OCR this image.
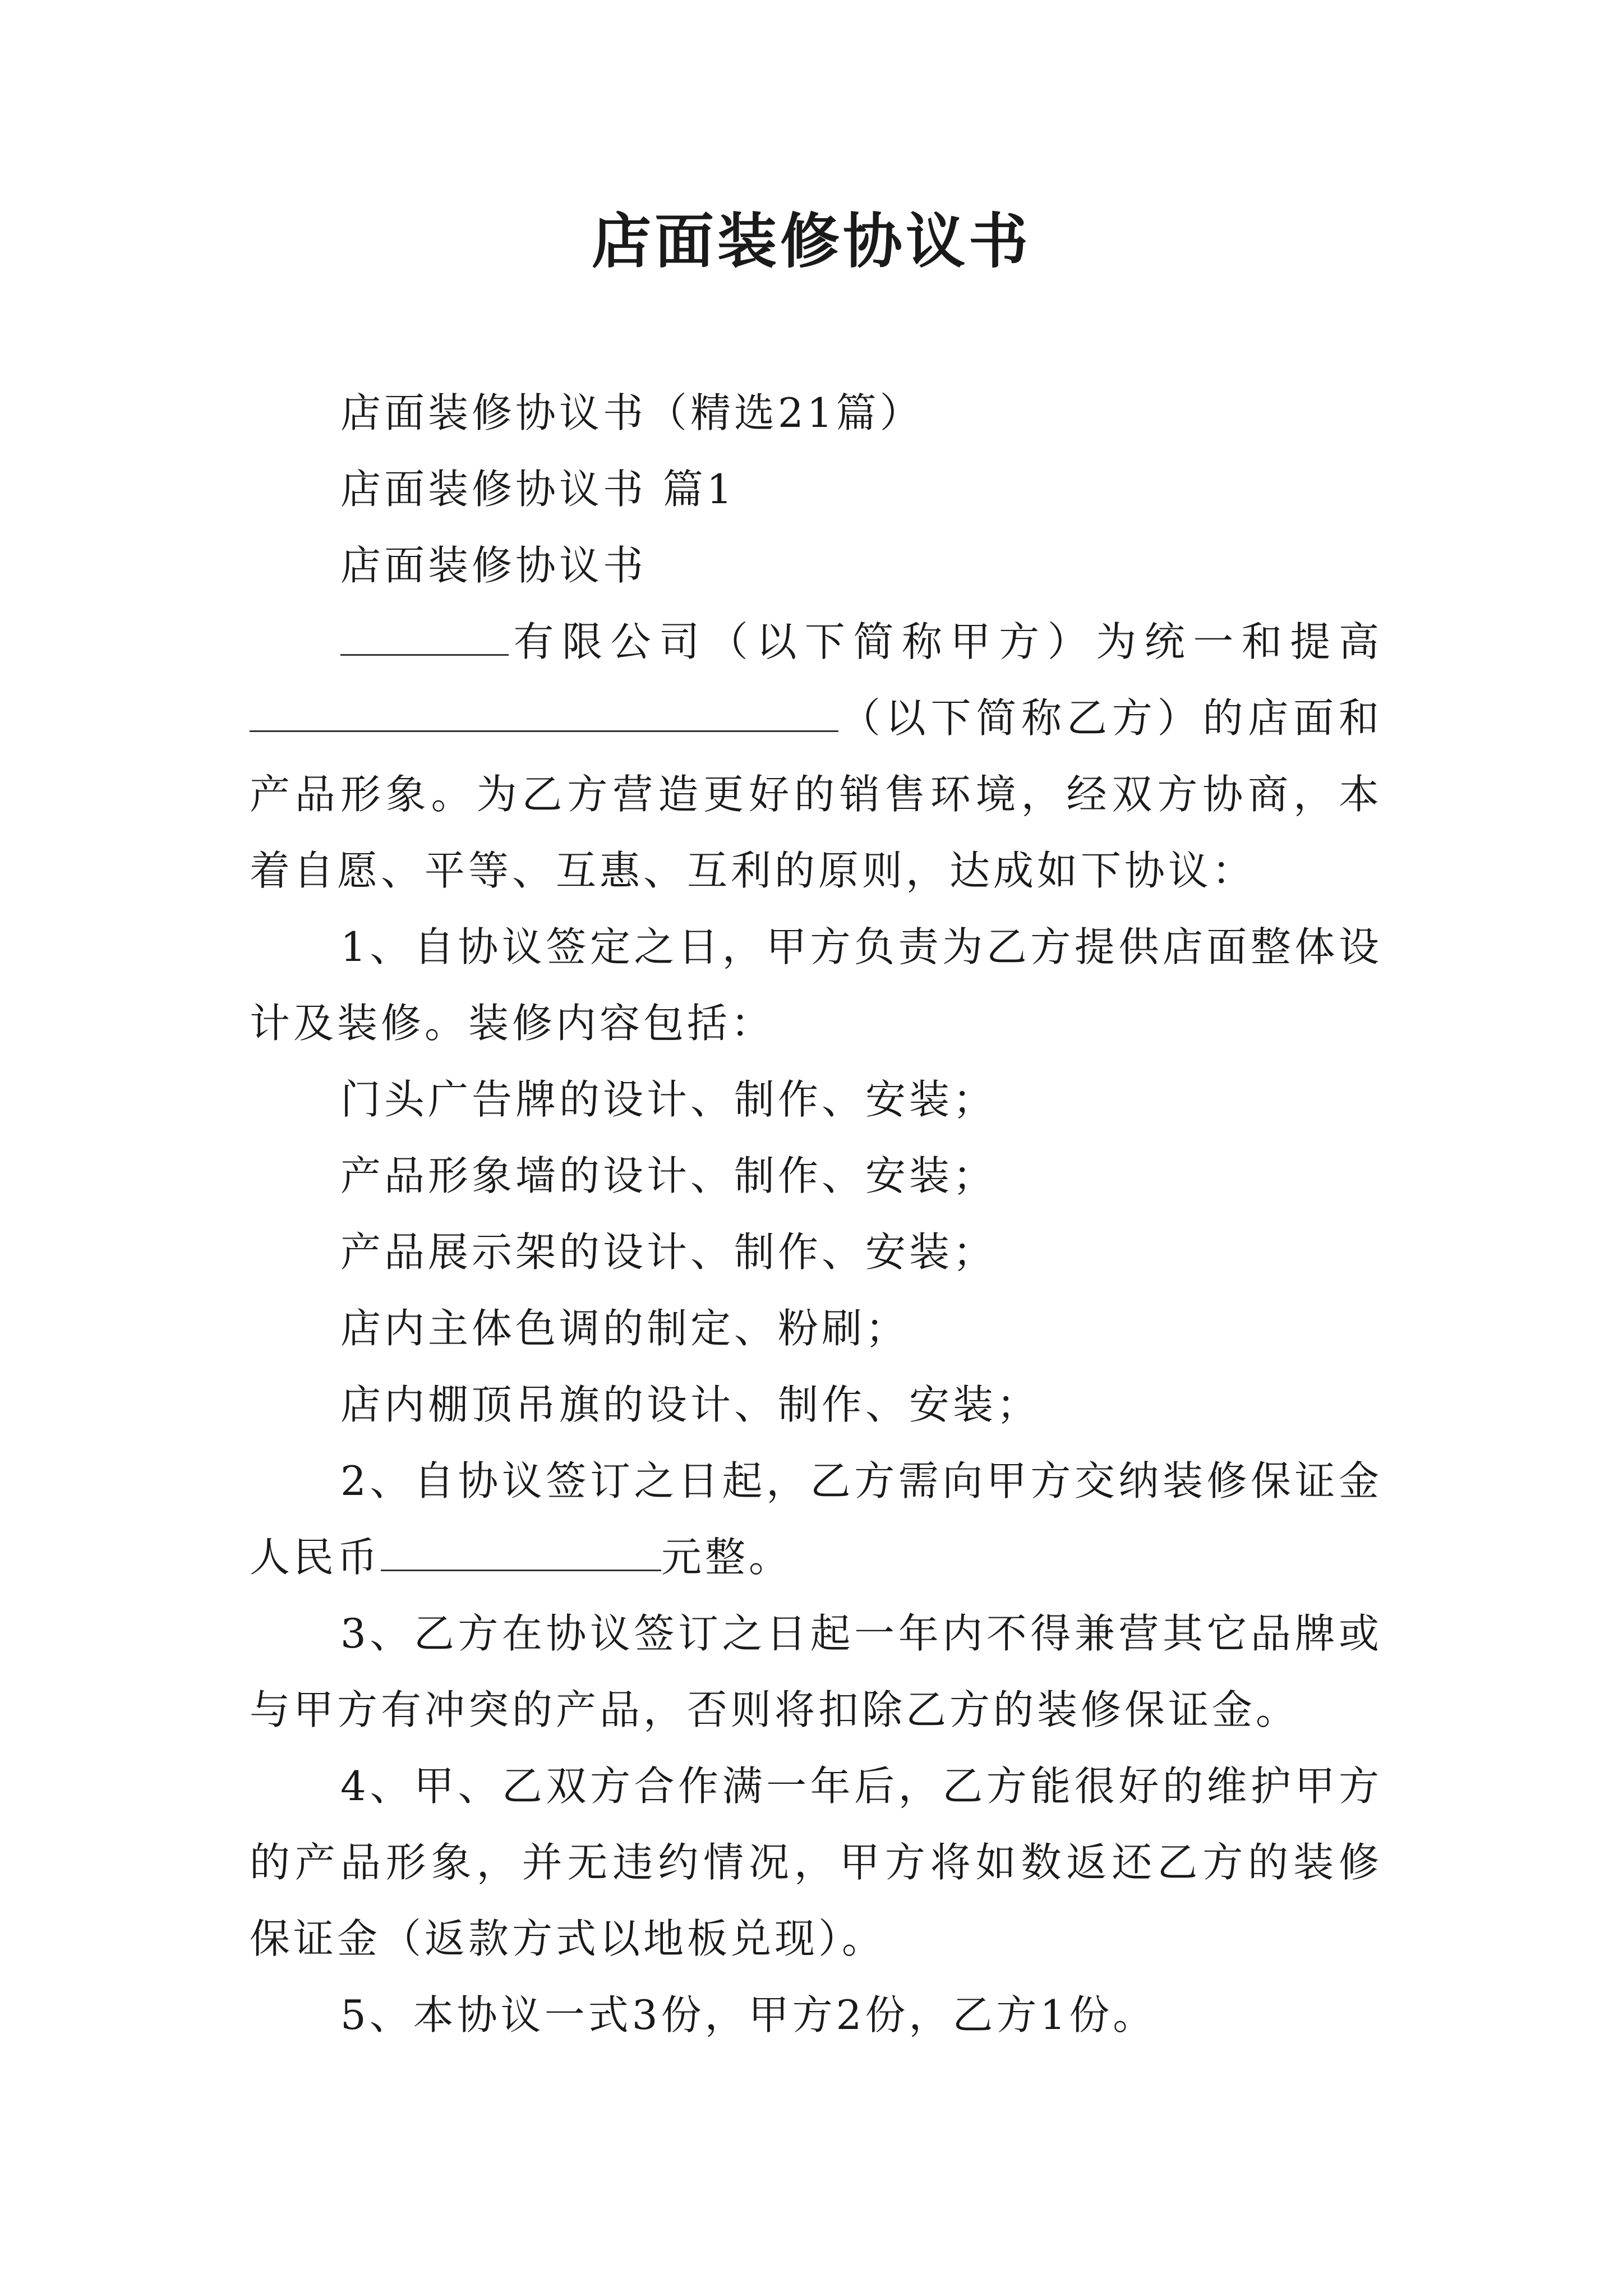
店面装修协议书

店面装修协议书（精选21篇）

店面装修协议书 篇1

店面装修协议书

有限公司（以下简称甲方）为统一和提高（以下简称乙方）的店面和产品形象。为乙方营造更好的销售环境，经双方协商，本着自愿、平等、互惠、互利的原则，达成如下协议：

1、自协议签定之日，甲方负责为乙方提供店面整体设计及装修。装修内容包括：

门头广告牌的设计、制作、安装；

产品形象墙的设计、制作、安装；

产品展示架的设计、制作、安装；

店内主体色调的制定、粉刷；

店内棚顶吊旗的设计、制作、安装；

2、自协议签订之日起，乙方需向甲方交纳装修保证金人民币	元整。

3、乙方在协议签订之日起一年内不得兼营其它品牌或与甲方有冲突的产品，否则将扣除乙方的装修保证金。

4、甲、乙双方合作满一年后，乙方能很好的维护甲方的产品形象，并无违约情况，甲方将如数返还乙方的装修保证金（返款方式以地板兑现）。

5、本协议一式3份，甲方2份，乙方1份。
